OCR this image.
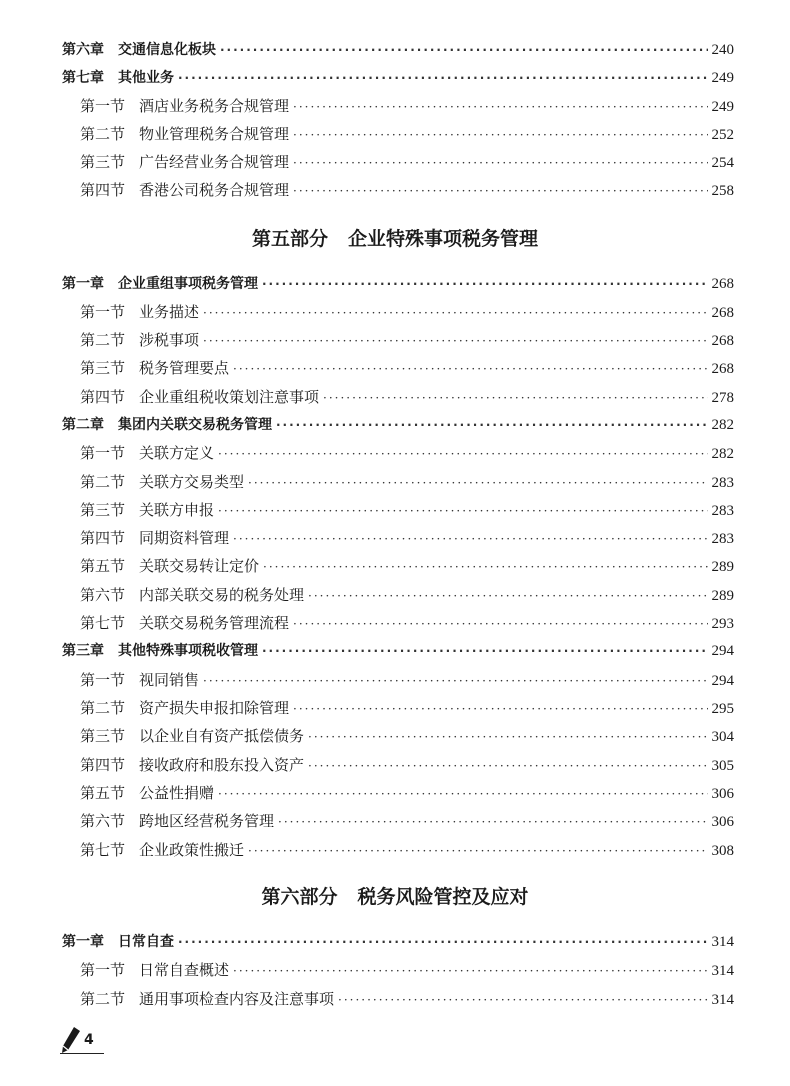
第六章	交通信息化板块 ·····	240
第七章	其他业务 ·····	249
第一节 酒店业务税务合规管理 ·····	249
第二节 物业管理税务合规管理 ·····	252
第三节 广告经营业务合规管理 ·····	254
第四节 香港公司税务合规管理 ·····	258
第五部分 企业特殊事项税务管理
第一章	企业重组事项税务管理 ·····	268
第一节 业务描述 ·····	268
第二节 涉税事项 ·····	268
第三节 税务管理要点 ·····	268
第四节 企业重组税收策划注意事项 ·····	278
第二章	集团内关联交易税务管理 ·····	282
第一节 关联方定义 ·····	282
第二节 关联方交易类型 ·····	283
第三节 关联方申报 ·····	283
第四节 同期资料管理 ·····	283
第五节 关联交易转让定价 ·····	289
第六节 内部关联交易的税务处理 ·····	289
第七节 关联交易税务管理流程 ·····	293
第三章	其他特殊事项税收管理 ·····	294
第一节 视同销售 ·····	294
第二节 资产损失申报扣除管理 ·····	295
第三节 以企业自有资产抵偿债务 ·····	304
第四节 接收政府和股东投入资产 ·····	305
第五节 公益性捐赠 ·····	306
第六节 跨地区经营税务管理 ·····	306
第七节 企业政策性搬迁 ·····	308
第六部分 税务风险管控及应对
第一章	日常自查 ·····	314
第一节 日常自查概述 ·····	314
第二节 通用事项检查内容及注意事项 ·····	314
4
